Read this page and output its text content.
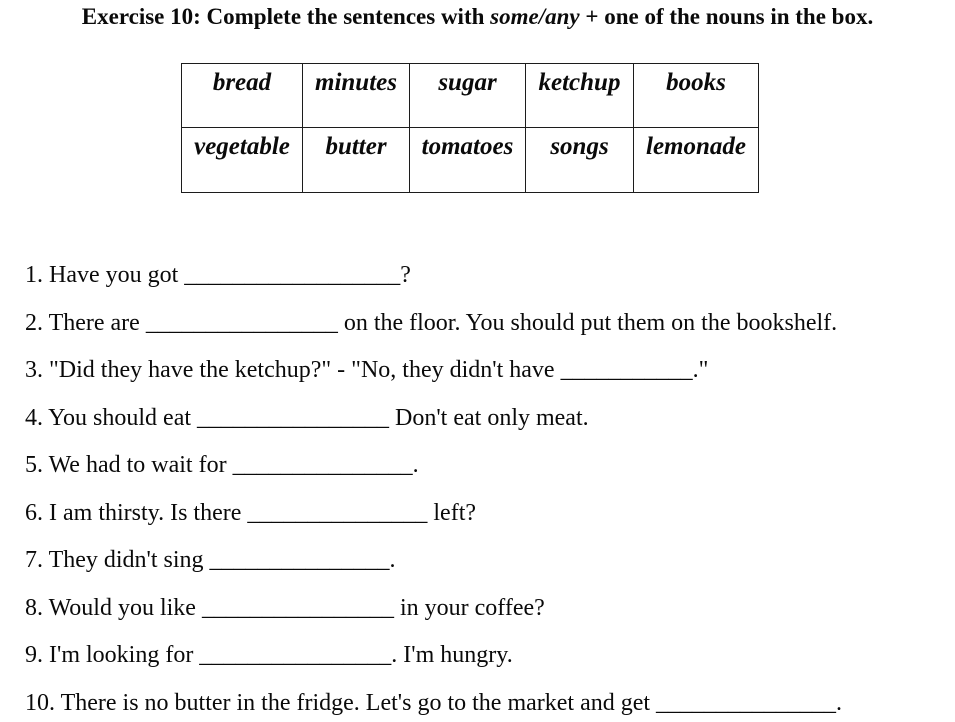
Exercise 10: Complete the sentences with some/any + one of the nouns in the box.
bread	minutes	sugar	ketchup	books
vegetable	butter	tomatoes	songs	lemonade
1. Have you got __________________?
2. There are ________________ on the floor. You should put them on the bookshelf.
3. "Did they have the ketchup?" - "No, they didn't have ___________."
4. You should eat ________________ Don't eat only meat.
5. We had to wait for _______________.
6. I am thirsty. Is there _______________ left?
7. They didn't sing _______________.
8. Would you like ________________ in your coffee?
9. I'm looking for ________________. I'm hungry.
10. There is no butter in the fridge. Let's go to the market and get _______________.
